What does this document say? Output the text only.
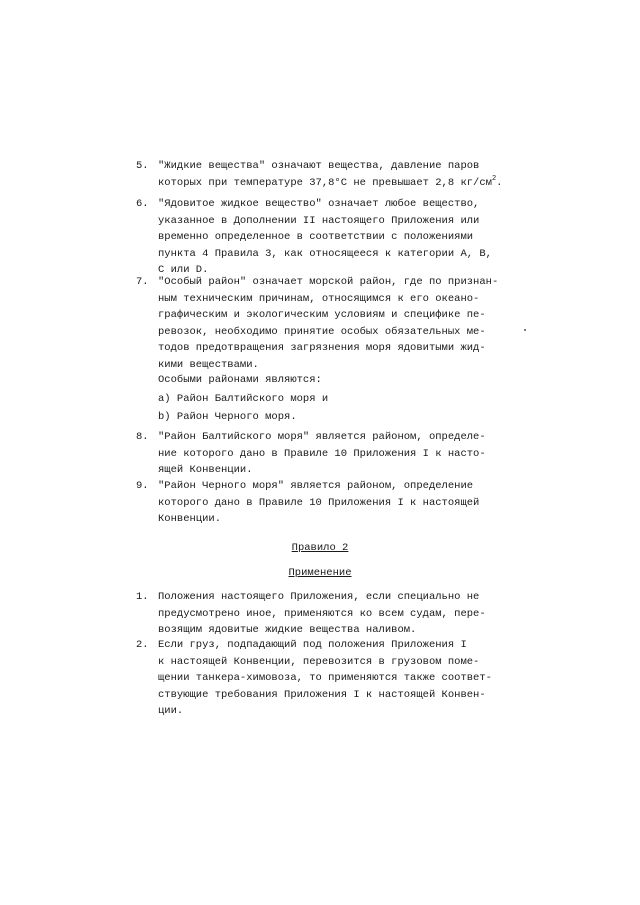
5. "Жидкие вещества" означают вещества, давление паров
которых при температуре 37,8°С не превышает 2,8 $кг/см^2$.
6. "Ядовитое жидкое вещество" означает любое вещество,
указанное в Дополнении II настоящего Приложения или
временно определенное в соответствии с положениями
пункта 4 Правила 3, как относящееся к категории A, B,
C или D.
7. "Особый район" означает морской район, где по признан-
ным техническим причинам, относящимся к его океано-
графическим и экологическим условиям и специфике пе-
ревозок, необходимо принятие особых обязательных ме-
тодов предотвращения загрязнения моря ядовитыми жид-
кими веществами.
Особыми районами являются:
a) Район Балтийского моря и
b) Район Черного моря.
8. "Район Балтийского моря" является районом, определе-
ние которого дано в Правиле 10 Приложения I к насто-
ящей Конвенции.
9. "Район Черного моря" является районом, определение
которого дано в Правиле 10 Приложения I к настоящей
Конвенции.
Правило 2
Применение
1. Положения настоящего Приложения, если специально не
предусмотрено иное, применяются ко всем судам, пере-
возящим ядовитые жидкие вещества наливом.
2. Если груз, подпадающий под положения Приложения I
к настоящей Конвенции, перевозится в грузовом поме-
щении танкера-химовоза, то применяются также соответ-
ствующие требования Приложения I к настоящей Конвен-
ции.
